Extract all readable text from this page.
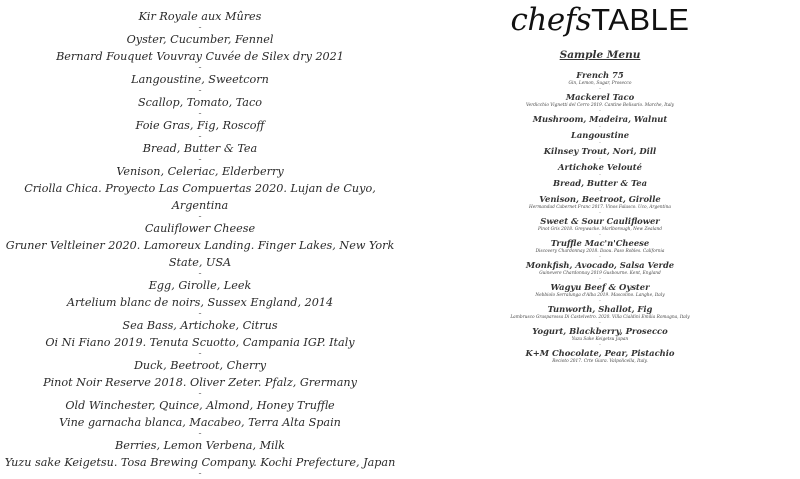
Kir Royale aux Mûres
-
Oyster, Cucumber, Fennel
Bernard Fouquet Vouvray Cuvée de Silex dry 2021
-
Langoustine, Sweetcorn
-
Scallop, Tomato, Taco
-
Foie Gras, Fig, Roscoff
-
Bread, Butter & Tea
-
Venison, Celeriac, Elderberry
Criolla Chica. Proyecto Las Compuertas 2020. Lujan de Cuyo, Argentina
-
Cauliflower Cheese
Gruner Veltleiner 2020. Lamoreux Landing. Finger Lakes, New York State, USA
-
Egg, Girolle, Leek
Artelium blanc de noirs, Sussex England, 2014
-
Sea Bass, Artichoke, Citrus
Oi Ni Fiano 2019. Tenuta Scuotto, Campania IGP. Italy
-
Duck, Beetroot, Cherry
Pinot Noir Reserve 2018. Oliver Zeter. Pfalz, Grermany
-
Old Winchester, Quince, Almond, Honey Truffle
Vine garnacha blanca, Macabeo, Terra Alta Spain
-
Berries, Lemon Verbena, Milk
Yuzu sake Keigetsu. Tosa Brewing Company. Kochi Prefecture, Japan
-
chefs TABLE
Sample Menu
French 75
Gin, Lemon, Sugar, Prosecco
-
Mackerel Taco
Verdicchio Vignetti del Cerro 2019. Cantine Belisario. Marche, Italy
-
Mushroom, Madeira, Walnut
-
Langoustine
-
Kilnsey Trout, Nori, Dill
-
Artichoke Velouté
-
Bread, Butter & Tea
-
Venison, Beetroot, Girolle
Hermandad Cabernet Franc 2017. Vinos Falasco. Uco, Argentina
-
Sweet & Sour Cauliflower
Pinot Gris 2018. Greywacke. Marlborough, New Zealand
-
Truffle Mac'n'Cheese
Discovery Chardonnay 2018. Daou. Paso Robles. California
-
Monkfish, Avocado, Salsa Verde
Guinevere Chardonnay 2019 Gusbourne. Kent, England
-
Wagyu Beef & Oyster
Nebbiolo Serralunga d'Alba 2019. Mascolino. Langhe, Italy
-
Tunworth, Shallot, Fig
Lambrusco Grasparossa Di Castelvetro. 2020. Villa Cialdini Emilia Romagna, Italy
-
Yogurt, Blackberry, Prosecco
Yuzu Sake Keigetsu Japan
-
K+M Chocolate, Pear, Pistachio
Recioto 2017. Crte Giara. Valpolicella, Italy.
